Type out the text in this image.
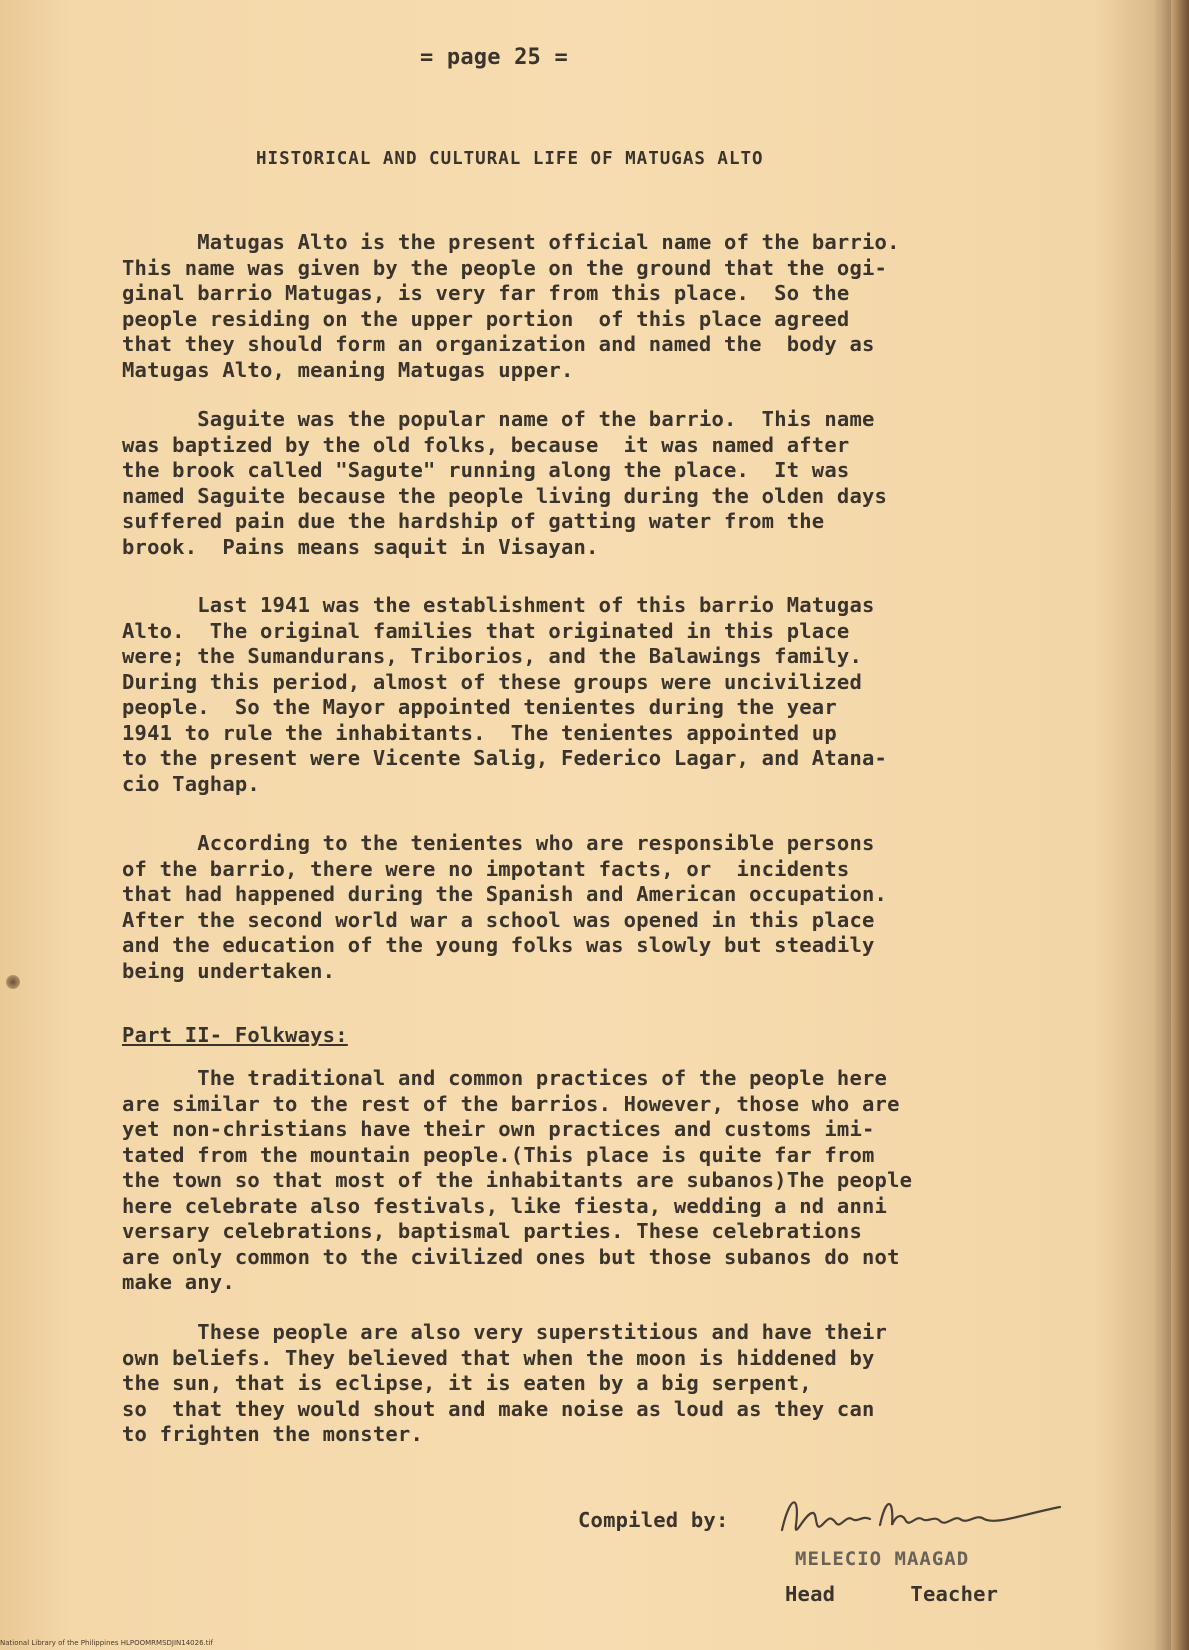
= page 25 =

HISTORICAL AND CULTURAL LIFE OF MATUGAS ALTO

Matugas Alto is the present official name of the barrio.
This name was given by the people on the ground that the ogi-
ginal barrio Matugas, is very far from this place.  So the
people residing on the upper portion  of this place agreed
that they should form an organization and named the  body as
Matugas Alto, meaning Matugas upper.

Saguite was the popular name of the barrio.  This name
was baptized by the old folks, because  it was named after
the brook called "Sagute" running along the place.  It was
named Saguite because the people living during the olden days
suffered pain due the hardship of gatting water from the
brook.  Pains means saquit in Visayan.

Last 1941 was the establishment of this barrio Matugas
Alto.  The original families that originated in this place
were; the Sumandurans, Triborios, and the Balawings family.
During this period, almost of these groups were uncivilized
people.  So the Mayor appointed tenientes during the year
1941 to rule the inhabitants.  The tenientes appointed up
to the present were Vicente Salig, Federico Lagar, and Atana-
cio Taghap.

According to the tenientes who are responsible persons
of the barrio, there were no impotant facts, or  incidents
that had happened during the Spanish and American occupation.
After the second world war a school was opened in this place
and the education of the young folks was slowly but steadily
being undertaken.

Part II- Folkways:

The traditional and common practices of the people here
are similar to the rest of the barrios. However, those who are
yet non-christians have their own practices and customs imi-
tated from the mountain people.(This place is quite far from
the town so that most of the inhabitants are subanos)The people
here celebrate also festivals, like fiesta, wedding a nd anni
versary celebrations, baptismal parties. These celebrations
are only common to the civilized ones but those subanos do not
make any.

These people are also very superstitious and have their
own beliefs. They believed that when the moon is hiddened by
the sun, that is eclipse, it is eaten by a big serpent,
so  that they would shout and make noise as loud as they can
to frighten the monster.

Compiled by:

MELECIO MAAGAD

Head      Teacher

National Library of the Philippines HLPOOMRMSDJIN14026.tif
